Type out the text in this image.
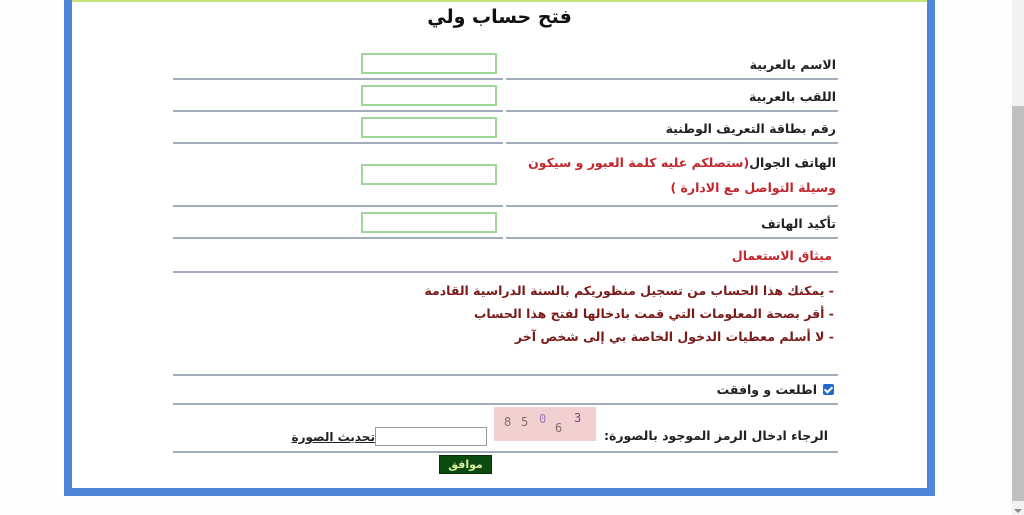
فتح حساب ولي
الاسم بالعربية
اللقب بالعربية
رقم بطاقة التعريف الوطنية
الهاتف الجوال(ستصلكم عليه كلمة العبور و سيكون وسيلة التواصل مع الادارة )
تأكيد الهاتف
ميثاق الاستعمال
- يمكنك هذا الحساب من تسجيل منظوريكم بالسنة الدراسية القادمة
- أقر بصحة المعلومات التي قمت بادخالها لفتح هذا الحساب
- لا أسلم معطيات الدخول الخاصة بي إلى شخص آخر
اطلعت و وافقت
الرجاء ادخال الرمز الموجود بالصورة:
8 5 0
6
3
تحديث الصورة
موافق
